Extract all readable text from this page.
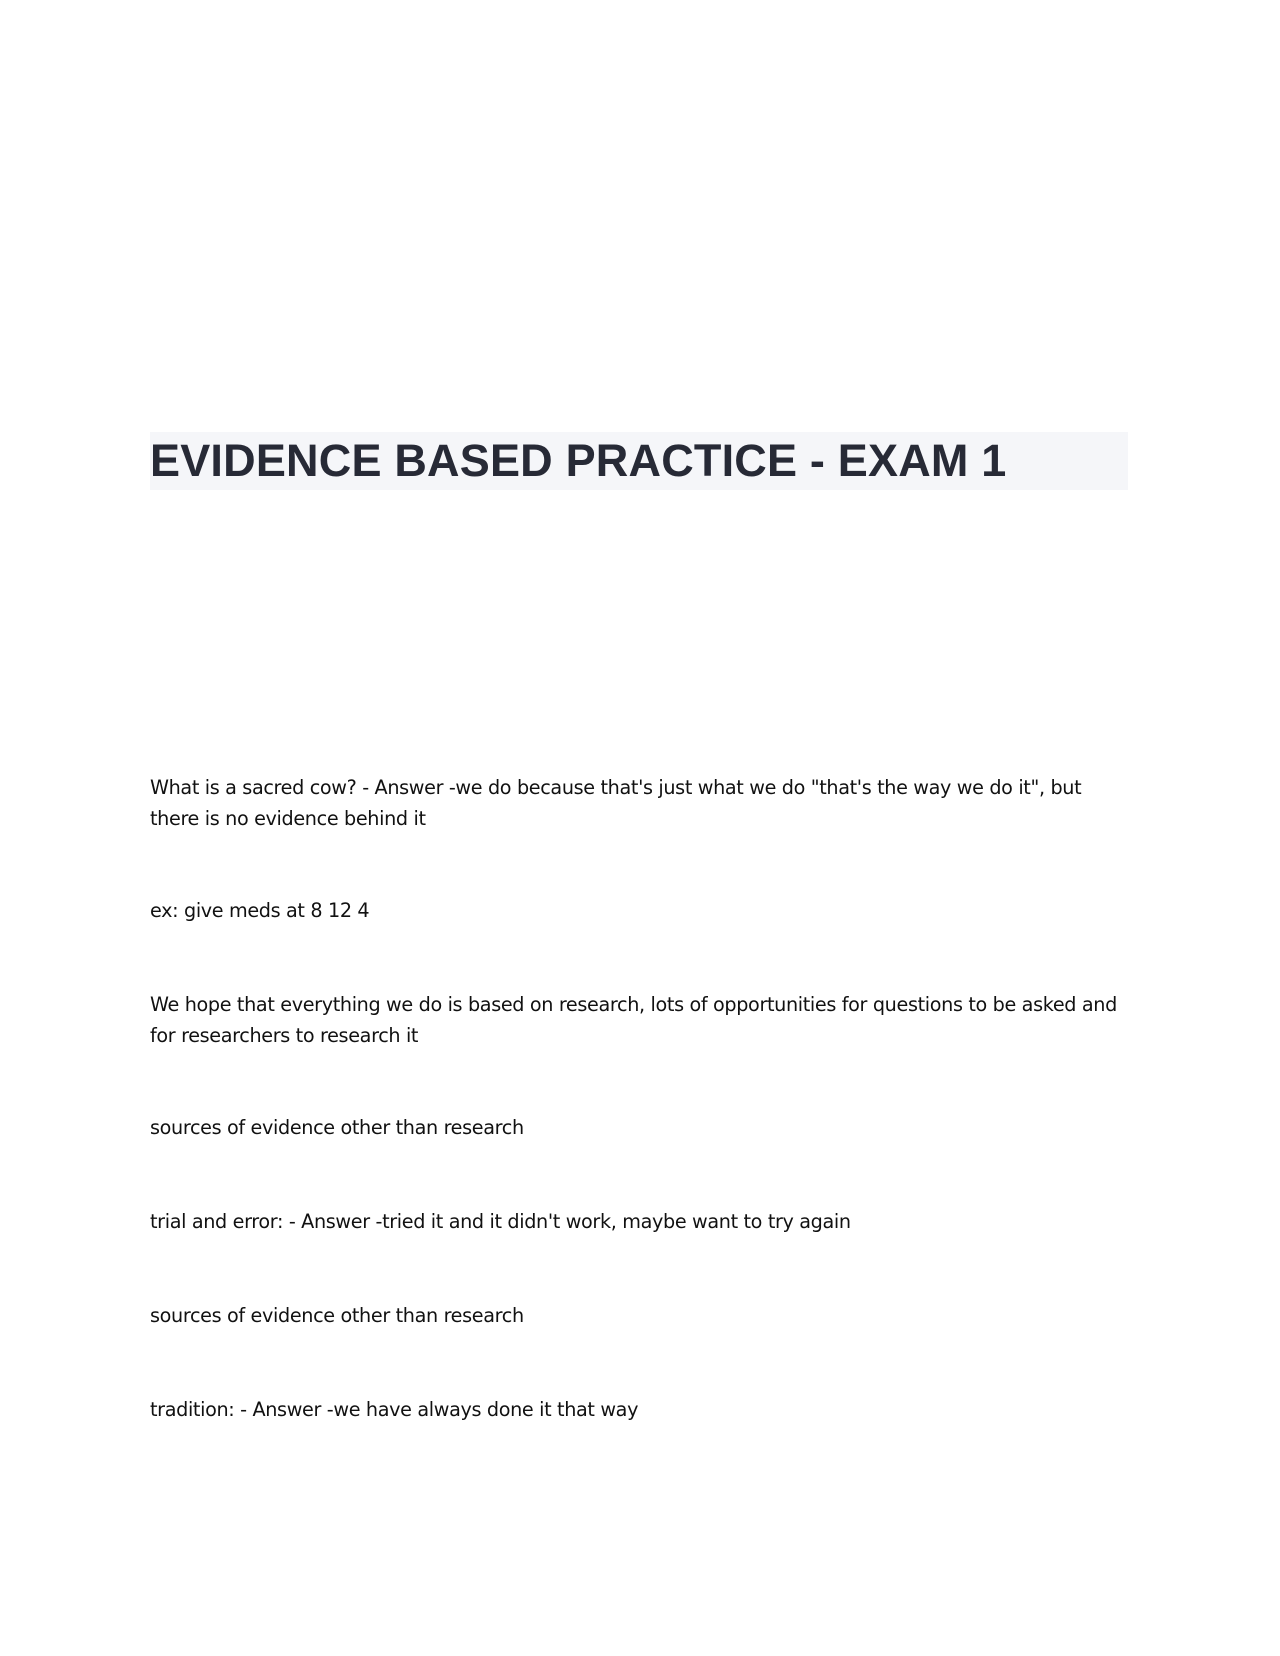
EVIDENCE BASED PRACTICE - EXAM 1

What is a sacred cow? - Answer -we do because that's just what we do "that's the way we do it", but there is no evidence behind it

ex: give meds at 8 12 4

We hope that everything we do is based on research, lots of opportunities for questions to be asked and for researchers to research it

sources of evidence other than research

trial and error: - Answer -tried it and it didn't work, maybe want to try again

sources of evidence other than research

tradition: - Answer -we have always done it that way
